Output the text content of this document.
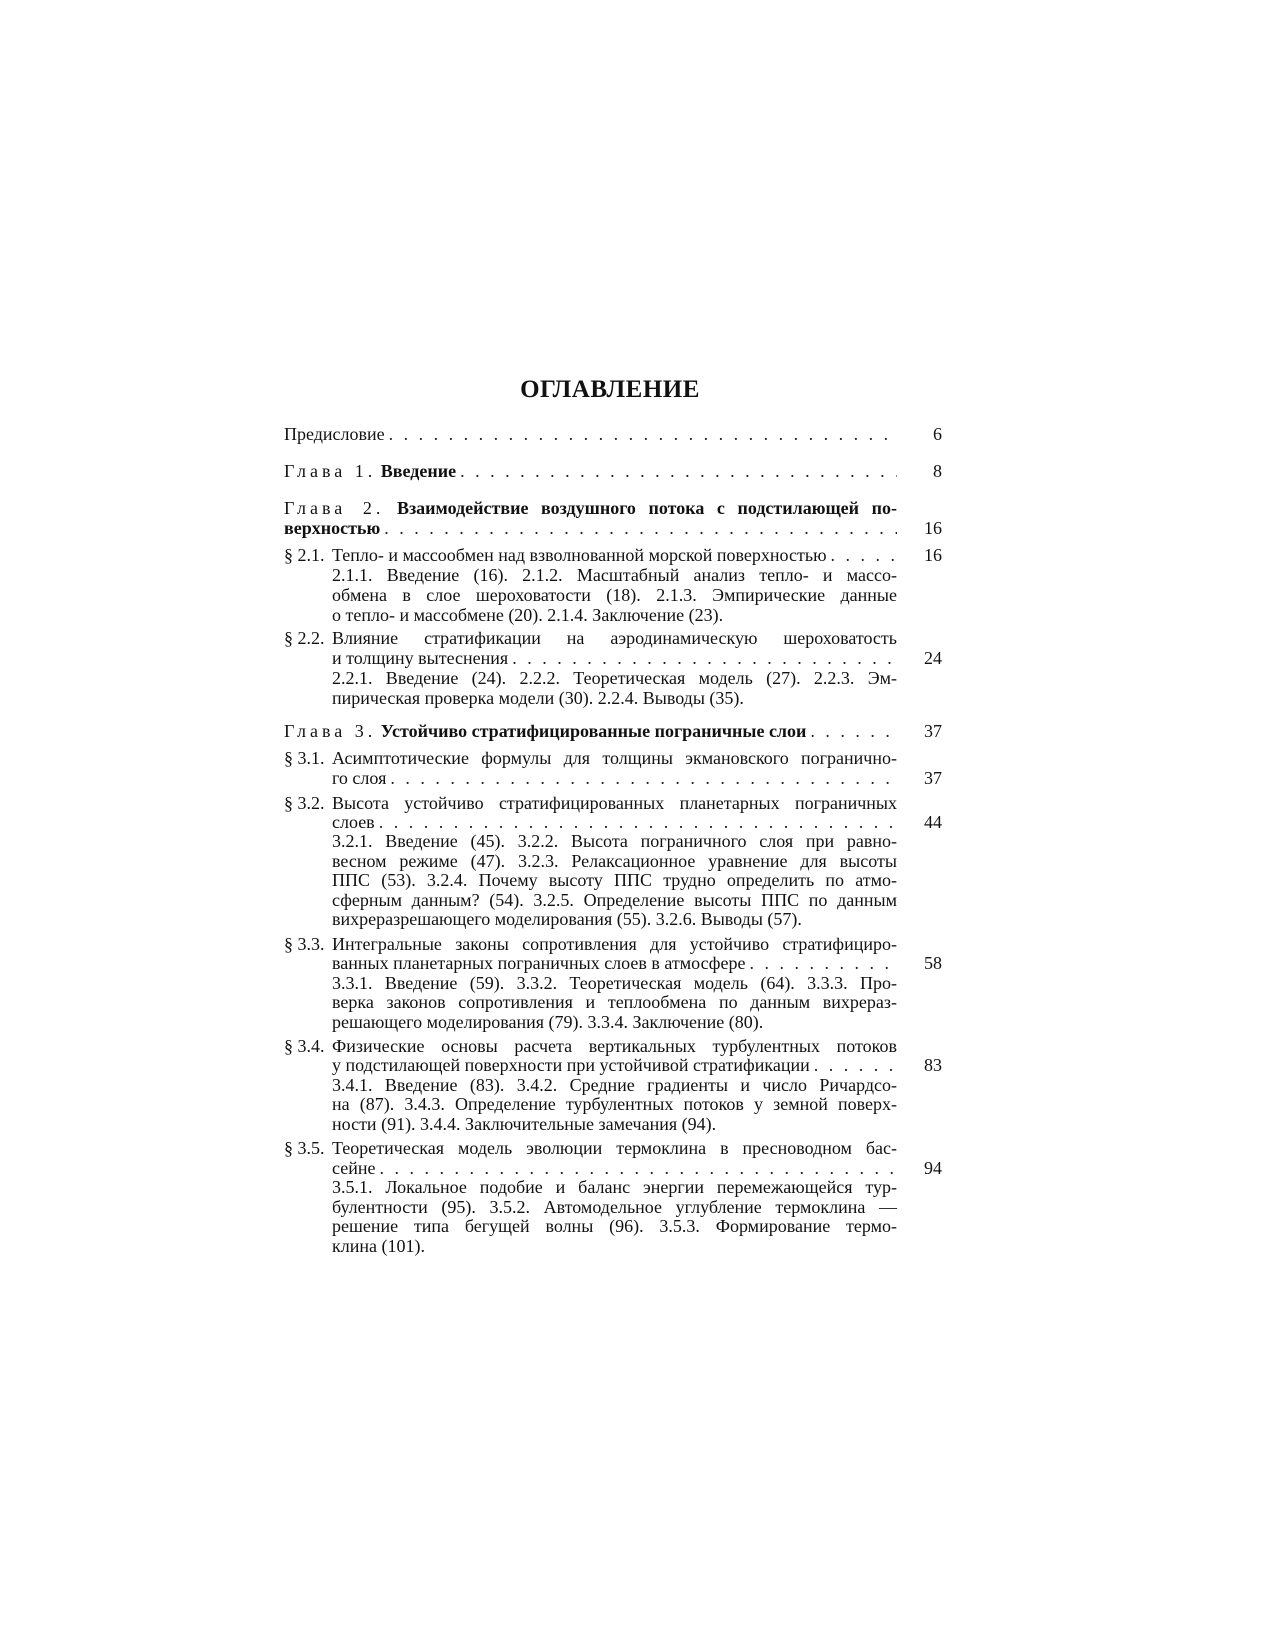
ОГЛАВЛЕНИЕ
Предисловие . . .	6
Глава 1. Введение . . .	8
Глава 2. Взаимодействие воздушного потока с подстилающей по-
верхностью . . .	16
§ 2.1. Тепло- и массообмен над взволнованной морской поверхностью . . .	16
2.1.1. Введение (16). 2.1.2. Масштабный анализ тепло- и массо-
обмена в слое шероховатости (18). 2.1.3. Эмпирические данные
о тепло- и массобмене (20). 2.1.4. Заключение (23).
§ 2.2. Влияние стратификации на аэродинамическую шероховатость
и толщину вытеснения . . .	24
2.2.1. Введение (24). 2.2.2. Теоретическая модель (27). 2.2.3. Эм-
пирическая проверка модели (30). 2.2.4. Выводы (35).
Глава 3. Устойчиво стратифицированные пограничные слои . . .	37
§ 3.1. Асимптотические формулы для толщины экмановского погранично-
го слоя . . .	37
§ 3.2. Высота устойчиво стратифицированных планетарных пограничных
слоев . . .	44
3.2.1. Введение (45). 3.2.2. Высота пограничного слоя при равно-
весном режиме (47). 3.2.3. Релаксационное уравнение для высоты
ППС (53). 3.2.4. Почему высоту ППС трудно определить по атмо-
сферным данным? (54). 3.2.5. Определение высоты ППС по данным
вихреразрешающего моделирования (55). 3.2.6. Выводы (57).
§ 3.3. Интегральные законы сопротивления для устойчиво стратифициро-
ванных планетарных пограничных слоев в атмосфере . . .	58
3.3.1. Введение (59). 3.3.2. Теоретическая модель (64). 3.3.3. Про-
верка законов сопротивления и теплообмена по данным вихрераз-
решающего моделирования (79). 3.3.4. Заключение (80).
§ 3.4. Физические основы расчета вертикальных турбулентных потоков
у подстилающей поверхности при устойчивой стратификации . . .	83
3.4.1. Введение (83). 3.4.2. Средние градиенты и число Ричардсо-
на (87). 3.4.3. Определение турбулентных потоков у земной поверх-
ности (91). 3.4.4. Заключительные замечания (94).
§ 3.5. Теоретическая модель эволюции термоклина в пресноводном бас-
сейне . . .	94
3.5.1. Локальное подобие и баланс энергии перемежающейся тур-
булентности (95). 3.5.2. Автомодельное углубление термоклина —
решение типа бегущей волны (96). 3.5.3. Формирование термо-
клина (101).
